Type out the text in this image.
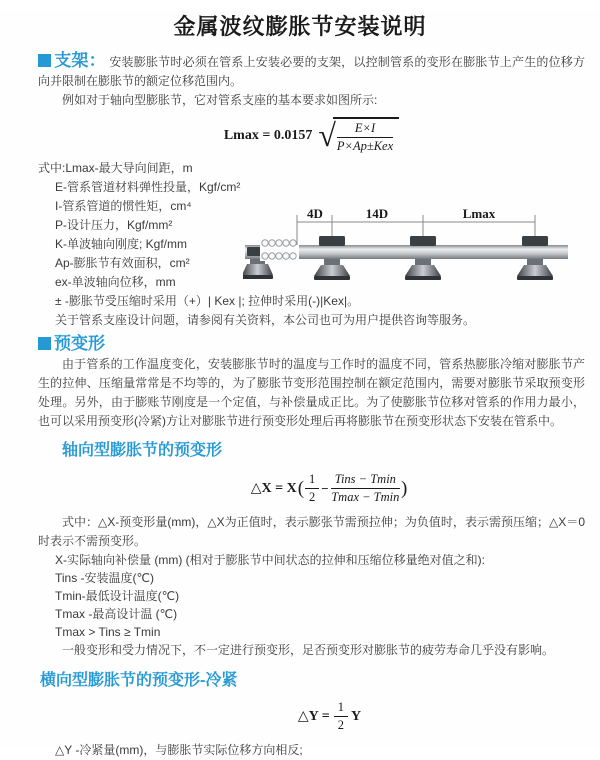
金属波纹膨胀节安装说明

支架： 安装膨胀节时必须在管系上安装必要的支架，以控制管系的变形在膨胀节上产生的位移方向并限制在膨胀节的额定位移范围内。

例如对于轴向型膨胀节，它对管系支座的基本要求如图所示:

Lmax = 0.0157 √ $\frac{E\times I}{\text{P×Ap±Kex}}$

式中:Lmax-最大导向间距，m

E-管系管道材料弹性投量，Kgf/cm²

I-管系管道的惯性矩，cm⁴

P-设计压力，Kgf/mm²

K-单波轴向刚度; Kgf/mm

Ap-膨胀节有效面积，cm²

ex-单波轴向位移，mm

± -膨胀节受压缩时采用（+）| Kex |; 拉伸时采用(-)|Kex|。

关于管系支座设计问题，请参阅有关资料，本公司也可为用户提供咨询等服务。

4D	14D	Lmax

预变形

由于管系的工作温度变化，安装膨胀节时的温度与工作时的温度不同，管系热膨胀冷缩对膨胀节产生的拉伸、压缩量常常是不均等的，为了膨胀节变形范围控制在额定范围内，需要对膨胀节采取预变形处理。另外，由于膨账节刚度是一个定值，与补偿量成正比。为了使膨胀节位移对管系的作用力最小，也可以采用预变形(冷紧)方让对膨胀节进行预变形处理后再将膨胀节在预变形状态下安装在管系中。

轴向型膨胀节的预变形
△X = X ( $\frac{1}{2} - \frac{\text{Tins − Tmin}}{Tmax - Tmin}$ )

式中：△X-预变形量(mm)，△X为正值时，表示膨张节需预拉伸；为负值时，表示需预压缩；△X＝0时表示不需预变形。

X-实际轴向补偿量 (mm) (相对于膨胀节中间状态的拉伸和压缩位移量绝对值之和):

Tins -安装温度(℃)

Tmin-最低设计温度(℃)

Tmax -最高设计温 (℃)

Tmax > Tins ≥ Tmin

一般变形和受力情况下，不一定进行预变形，足否预变形对膨胀节的疲劳寿命几乎没有影响。

横向型膨胀节的预变形-冷紧
△Y = $\frac{1}{2}$ Y

△Y -冷紧量(mm)，与膨胀节实际位移方向相反;
